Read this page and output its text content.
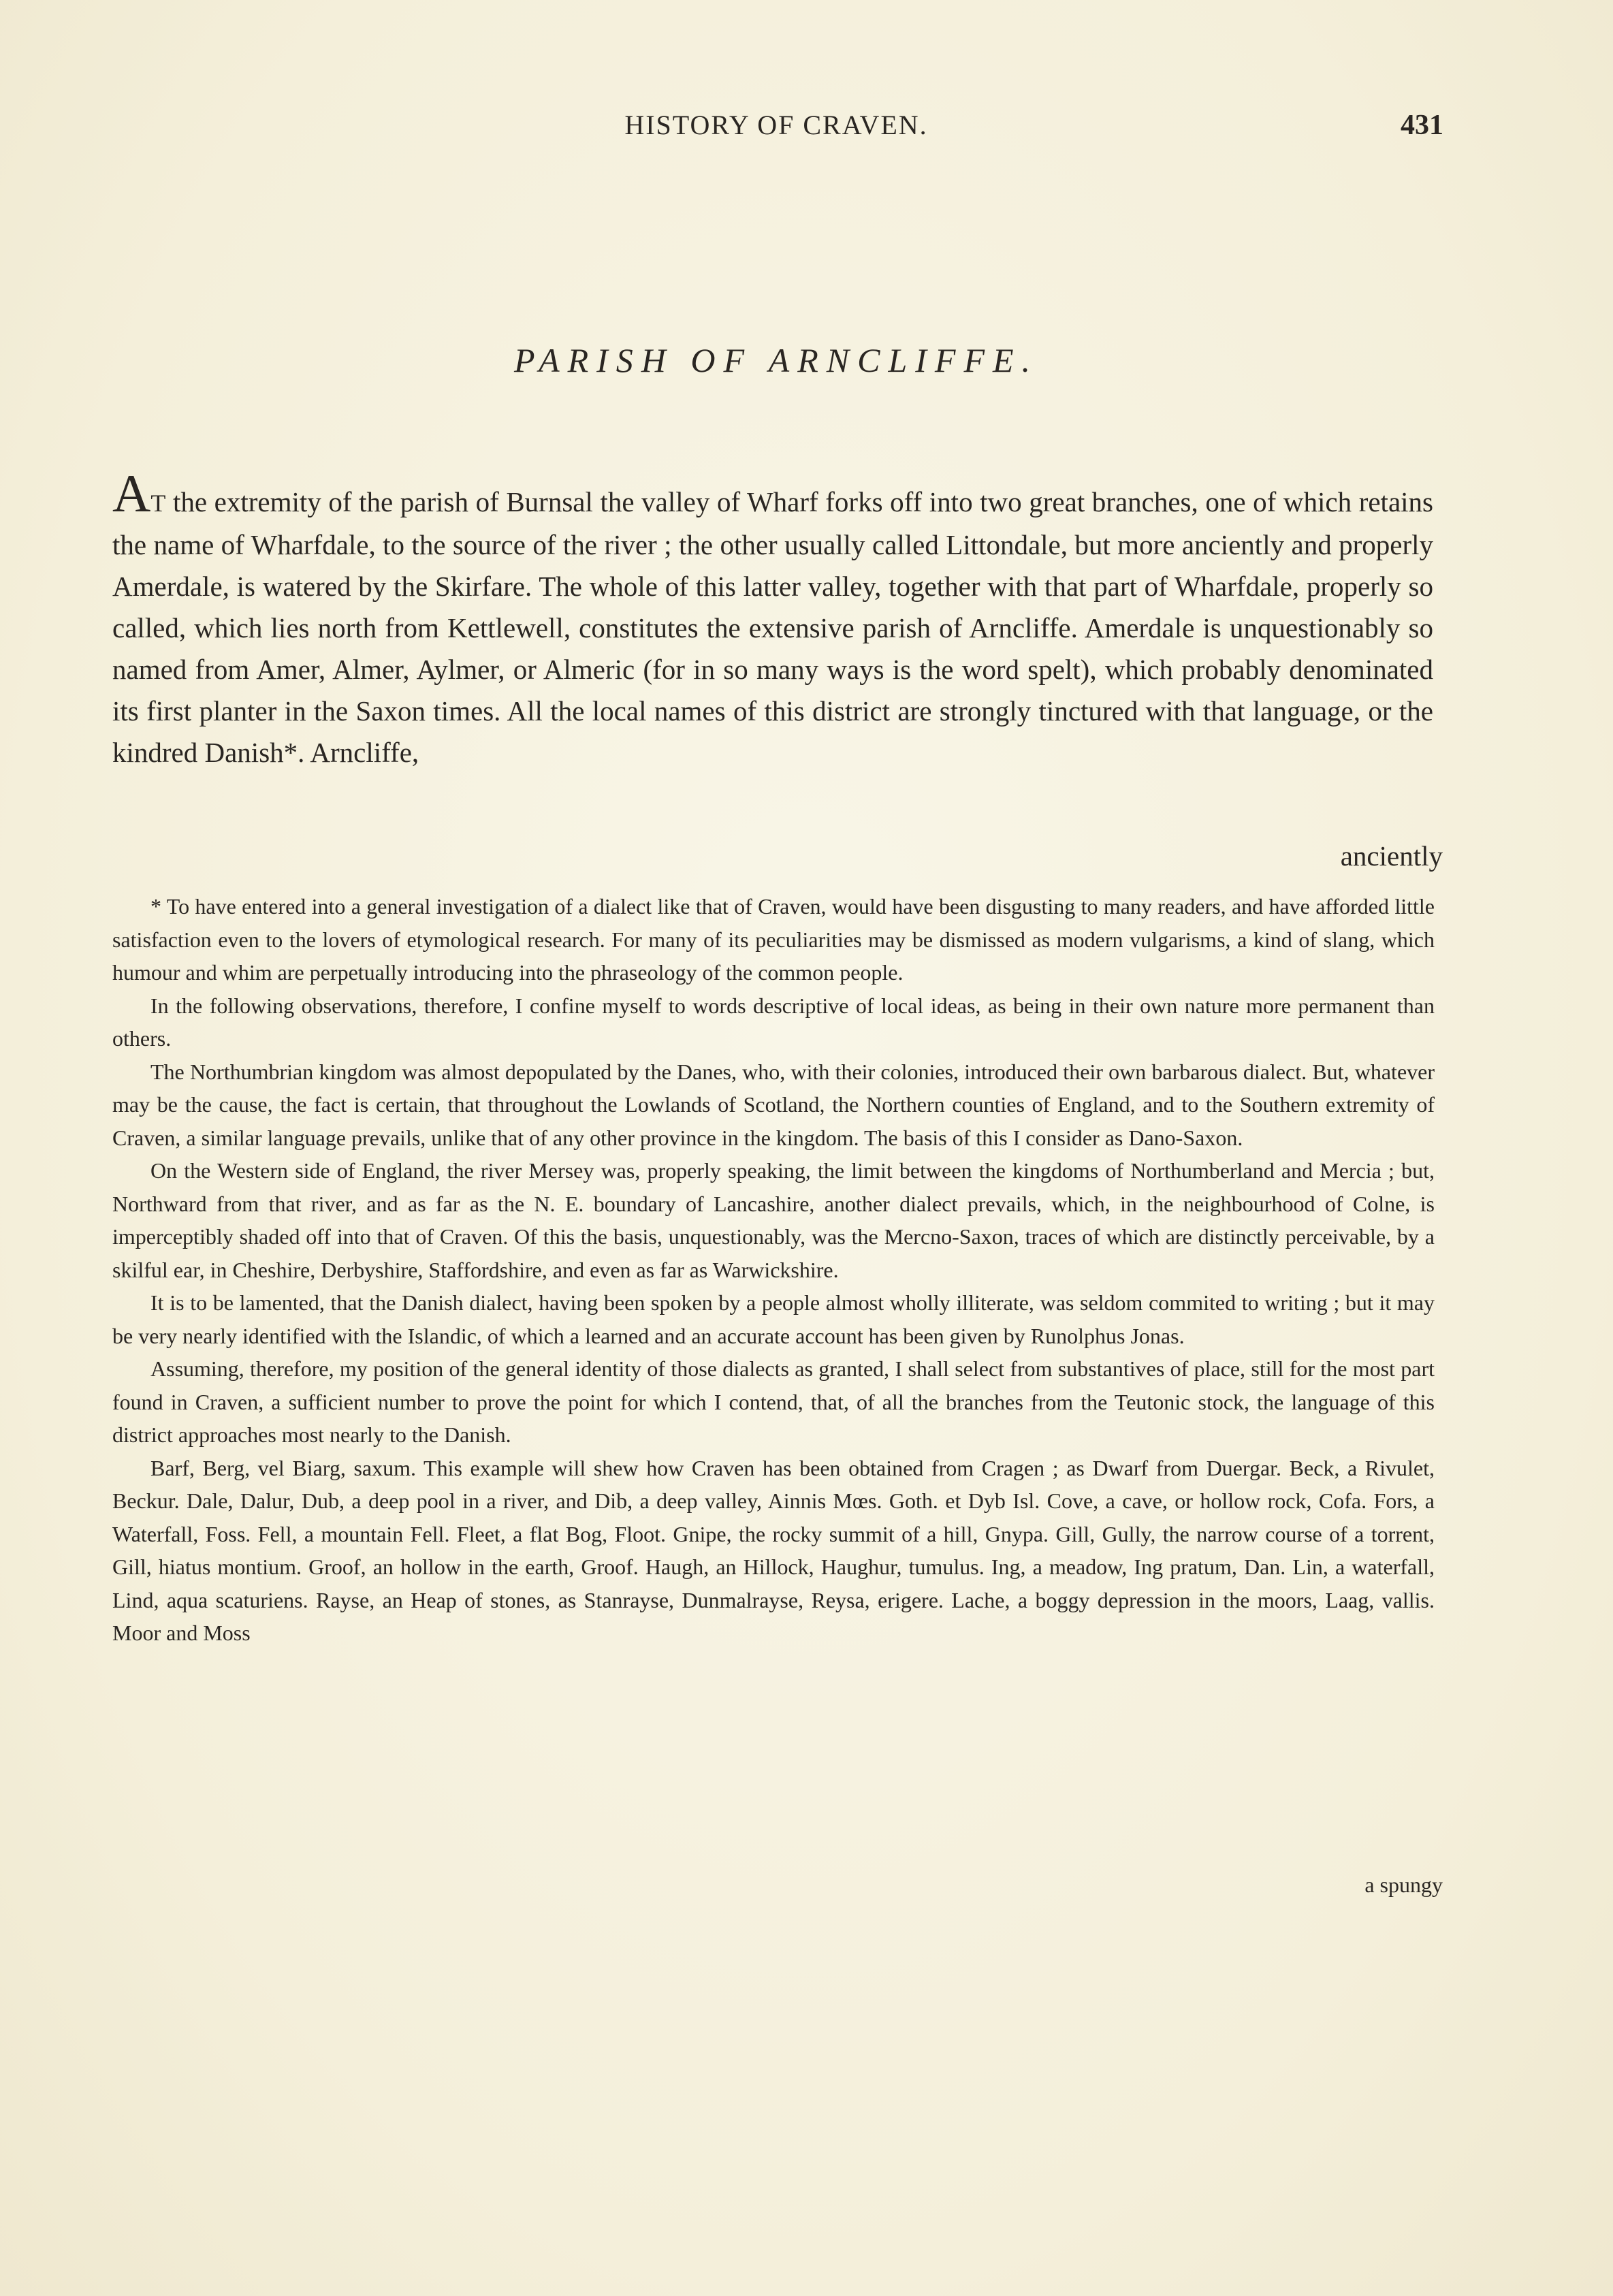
HISTORY OF CRAVEN.	431
PARISH OF ARNCLIFFE.
AT the extremity of the parish of Burnsal the valley of Wharf forks off into two great branches, one of which retains the name of Wharfdale, to the source of the river ; the other usually called Littondale, but more anciently and properly Amerdale, is watered by the Skirfare. The whole of this latter valley, together with that part of Wharfdale, properly so called, which lies north from Kettlewell, constitutes the extensive parish of Arncliffe. Amerdale is unquestionably so named from Amer, Almer, Aylmer, or Almeric (for in so many ways is the word spelt), which probably denominated its first planter in the Saxon times. All the local names of this district are strongly tinctured with that language, or the kindred Danish*. Arncliffe,
anciently

* To have entered into a general investigation of a dialect like that of Craven, would have been disgusting to many readers, and have afforded little satisfaction even to the lovers of etymological research. For many of its peculiarities may be dismissed as modern vulgarisms, a kind of slang, which humour and whim are perpetually introducing into the phraseology of the common people.

In the following observations, therefore, I confine myself to words descriptive of local ideas, as being in their own nature more permanent than others.

The Northumbrian kingdom was almost depopulated by the Danes, who, with their colonies, introduced their own barbarous dialect. But, whatever may be the cause, the fact is certain, that throughout the Lowlands of Scotland, the Northern counties of England, and to the Southern extremity of Craven, a similar language prevails, unlike that of any other province in the kingdom. The basis of this I consider as Dano-Saxon.

On the Western side of England, the river Mersey was, properly speaking, the limit between the kingdoms of Northumberland and Mercia ; but, Northward from that river, and as far as the N. E. boundary of Lancashire, another dialect prevails, which, in the neighbourhood of Colne, is imperceptibly shaded off into that of Craven. Of this the basis, unquestionably, was the Mercno-Saxon, traces of which are distinctly perceivable, by a skilful ear, in Cheshire, Derbyshire, Staffordshire, and even as far as Warwickshire.

It is to be lamented, that the Danish dialect, having been spoken by a people almost wholly illiterate, was seldom commited to writing ; but it may be very nearly identified with the Islandic, of which a learned and an accurate account has been given by Runolphus Jonas.

Assuming, therefore, my position of the general identity of those dialects as granted, I shall select from substantives of place, still for the most part found in Craven, a sufficient number to prove the point for which I contend, that, of all the branches from the Teutonic stock, the language of this district approaches most nearly to the Danish.

Barf, Berg, vel Biarg, saxum. This example will shew how Craven has been obtained from Cragen ; as Dwarf from Duergar. Beck, a Rivulet, Beckur. Dale, Dalur, Dub, a deep pool in a river, and Dib, a deep valley, Ainnis Mœs. Goth. et Dyb Isl. Cove, a cave, or hollow rock, Cofa. Fors, a Waterfall, Foss. Fell, a mountain Fell. Fleet, a flat Bog, Floot. Gnipe, the rocky summit of a hill, Gnypa. Gill, Gully, the narrow course of a torrent, Gill, hiatus montium. Groof, an hollow in the earth, Groof. Haugh, an Hillock, Haughur, tumulus. Ing, a meadow, Ing pratum, Dan. Lin, a waterfall, Lind, aqua scaturiens. Rayse, an Heap of stones, as Stanrayse, Dunmalrayse, Reysa, erigere. Lache, a boggy depression in the moors, Laag, vallis. Moor and Moss

a spungy
